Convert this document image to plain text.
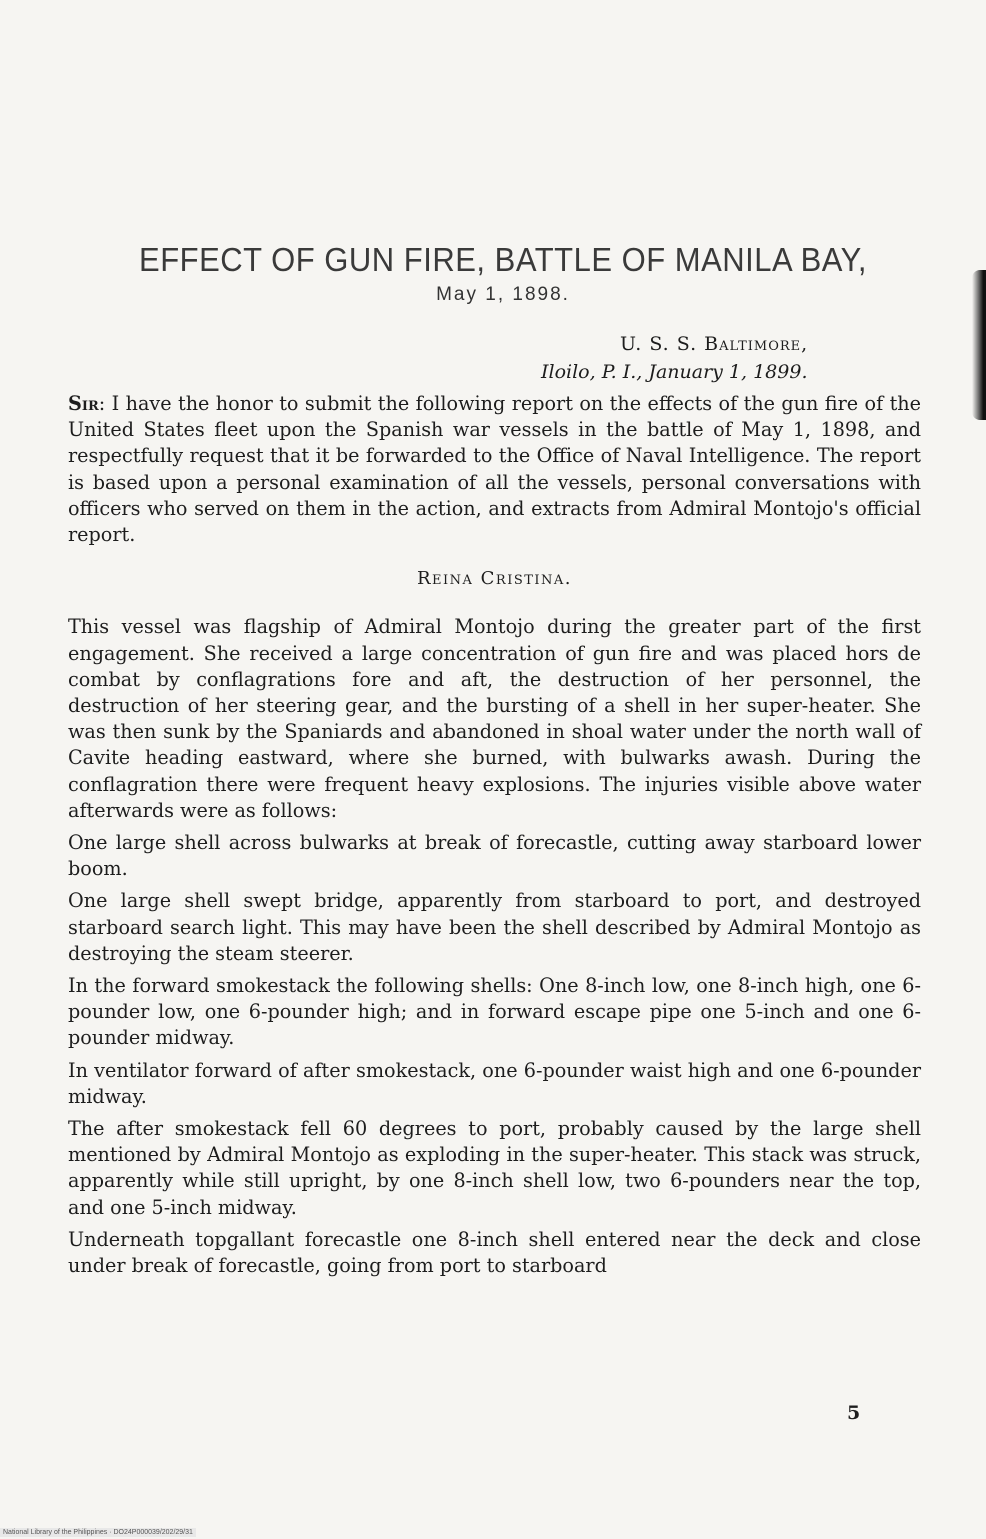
EFFECT OF GUN FIRE, BATTLE OF MANILA BAY,
May 1, 1898.
U. S. S. Baltimore,
Iloilo, P. I., January 1, 1899.

Sir: I have the honor to submit the following report on the effects of the gun fire of the United States fleet upon the Spanish war vessels in the battle of May 1, 1898, and respectfully request that it be forwarded to the Office of Naval Intelligence. The report is based upon a personal examination of all the vessels, personal conversations with officers who served on them in the action, and extracts from Admiral Montojo's official report.

Reina Cristina.

This vessel was flagship of Admiral Montojo during the greater part of the first engagement. She received a large concentration of gun fire and was placed hors de combat by conflagrations fore and aft, the destruction of her personnel, the destruction of her steering gear, and the bursting of a shell in her super-heater. She was then sunk by the Spaniards and abandoned in shoal water under the north wall of Cavite heading eastward, where she burned, with bulwarks awash. During the conflagration there were frequent heavy explosions. The injuries visible above water afterwards were as follows:

One large shell across bulwarks at break of forecastle, cutting away starboard lower boom.

One large shell swept bridge, apparently from starboard to port, and destroyed starboard search light. This may have been the shell described by Admiral Montojo as destroying the steam steerer.

In the forward smokestack the following shells: One 8-inch low, one 8-inch high, one 6-pounder low, one 6-pounder high; and in forward escape pipe one 5-inch and one 6-pounder midway.

In ventilator forward of after smokestack, one 6-pounder waist high and one 6-pounder midway.

The after smokestack fell 60 degrees to port, probably caused by the large shell mentioned by Admiral Montojo as exploding in the super-heater. This stack was struck, apparently while still upright, by one 8-inch shell low, two 6-pounders near the top, and one 5-inch midway.

Underneath topgallant forecastle one 8-inch shell entered near the deck and close under break of forecastle, going from port to starboard

5
National Library of the Philippines · DO24P000039/202/29/31
